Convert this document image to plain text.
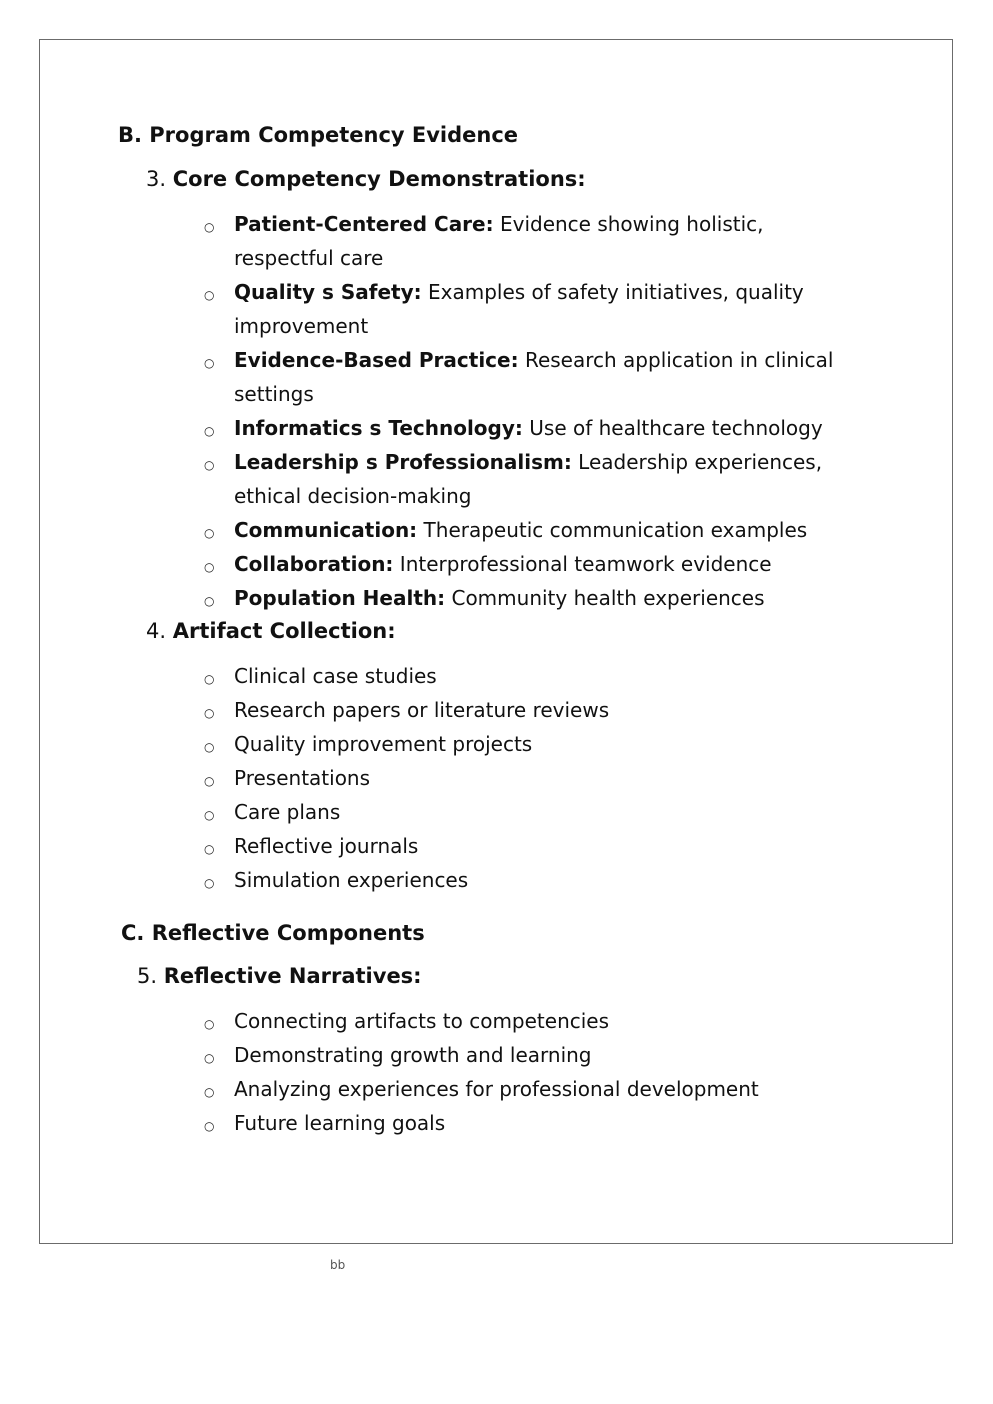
B. Program Competency Evidence
3. Core Competency Demonstrations:
○ Patient-Centered Care: Evidence showing holistic, respectful care
○ Quality s Safety: Examples of safety initiatives, quality improvement
○ Evidence-Based Practice: Research application in clinical settings
○ Informatics s Technology: Use of healthcare technology
○ Leadership s Professionalism: Leadership experiences, ethical decision-making
○ Communication: Therapeutic communication examples
○ Collaboration: Interprofessional teamwork evidence
○ Population Health: Community health experiences
4. Artifact Collection:
○ Clinical case studies
○ Research papers or literature reviews
○ Quality improvement projects
○ Presentations
○ Care plans
○ Reflective journals
○ Simulation experiences
C. Reflective Components
5. Reflective Narratives:
○ Connecting artifacts to competencies
○ Demonstrating growth and learning
○ Analyzing experiences for professional development
○ Future learning goals
bb
